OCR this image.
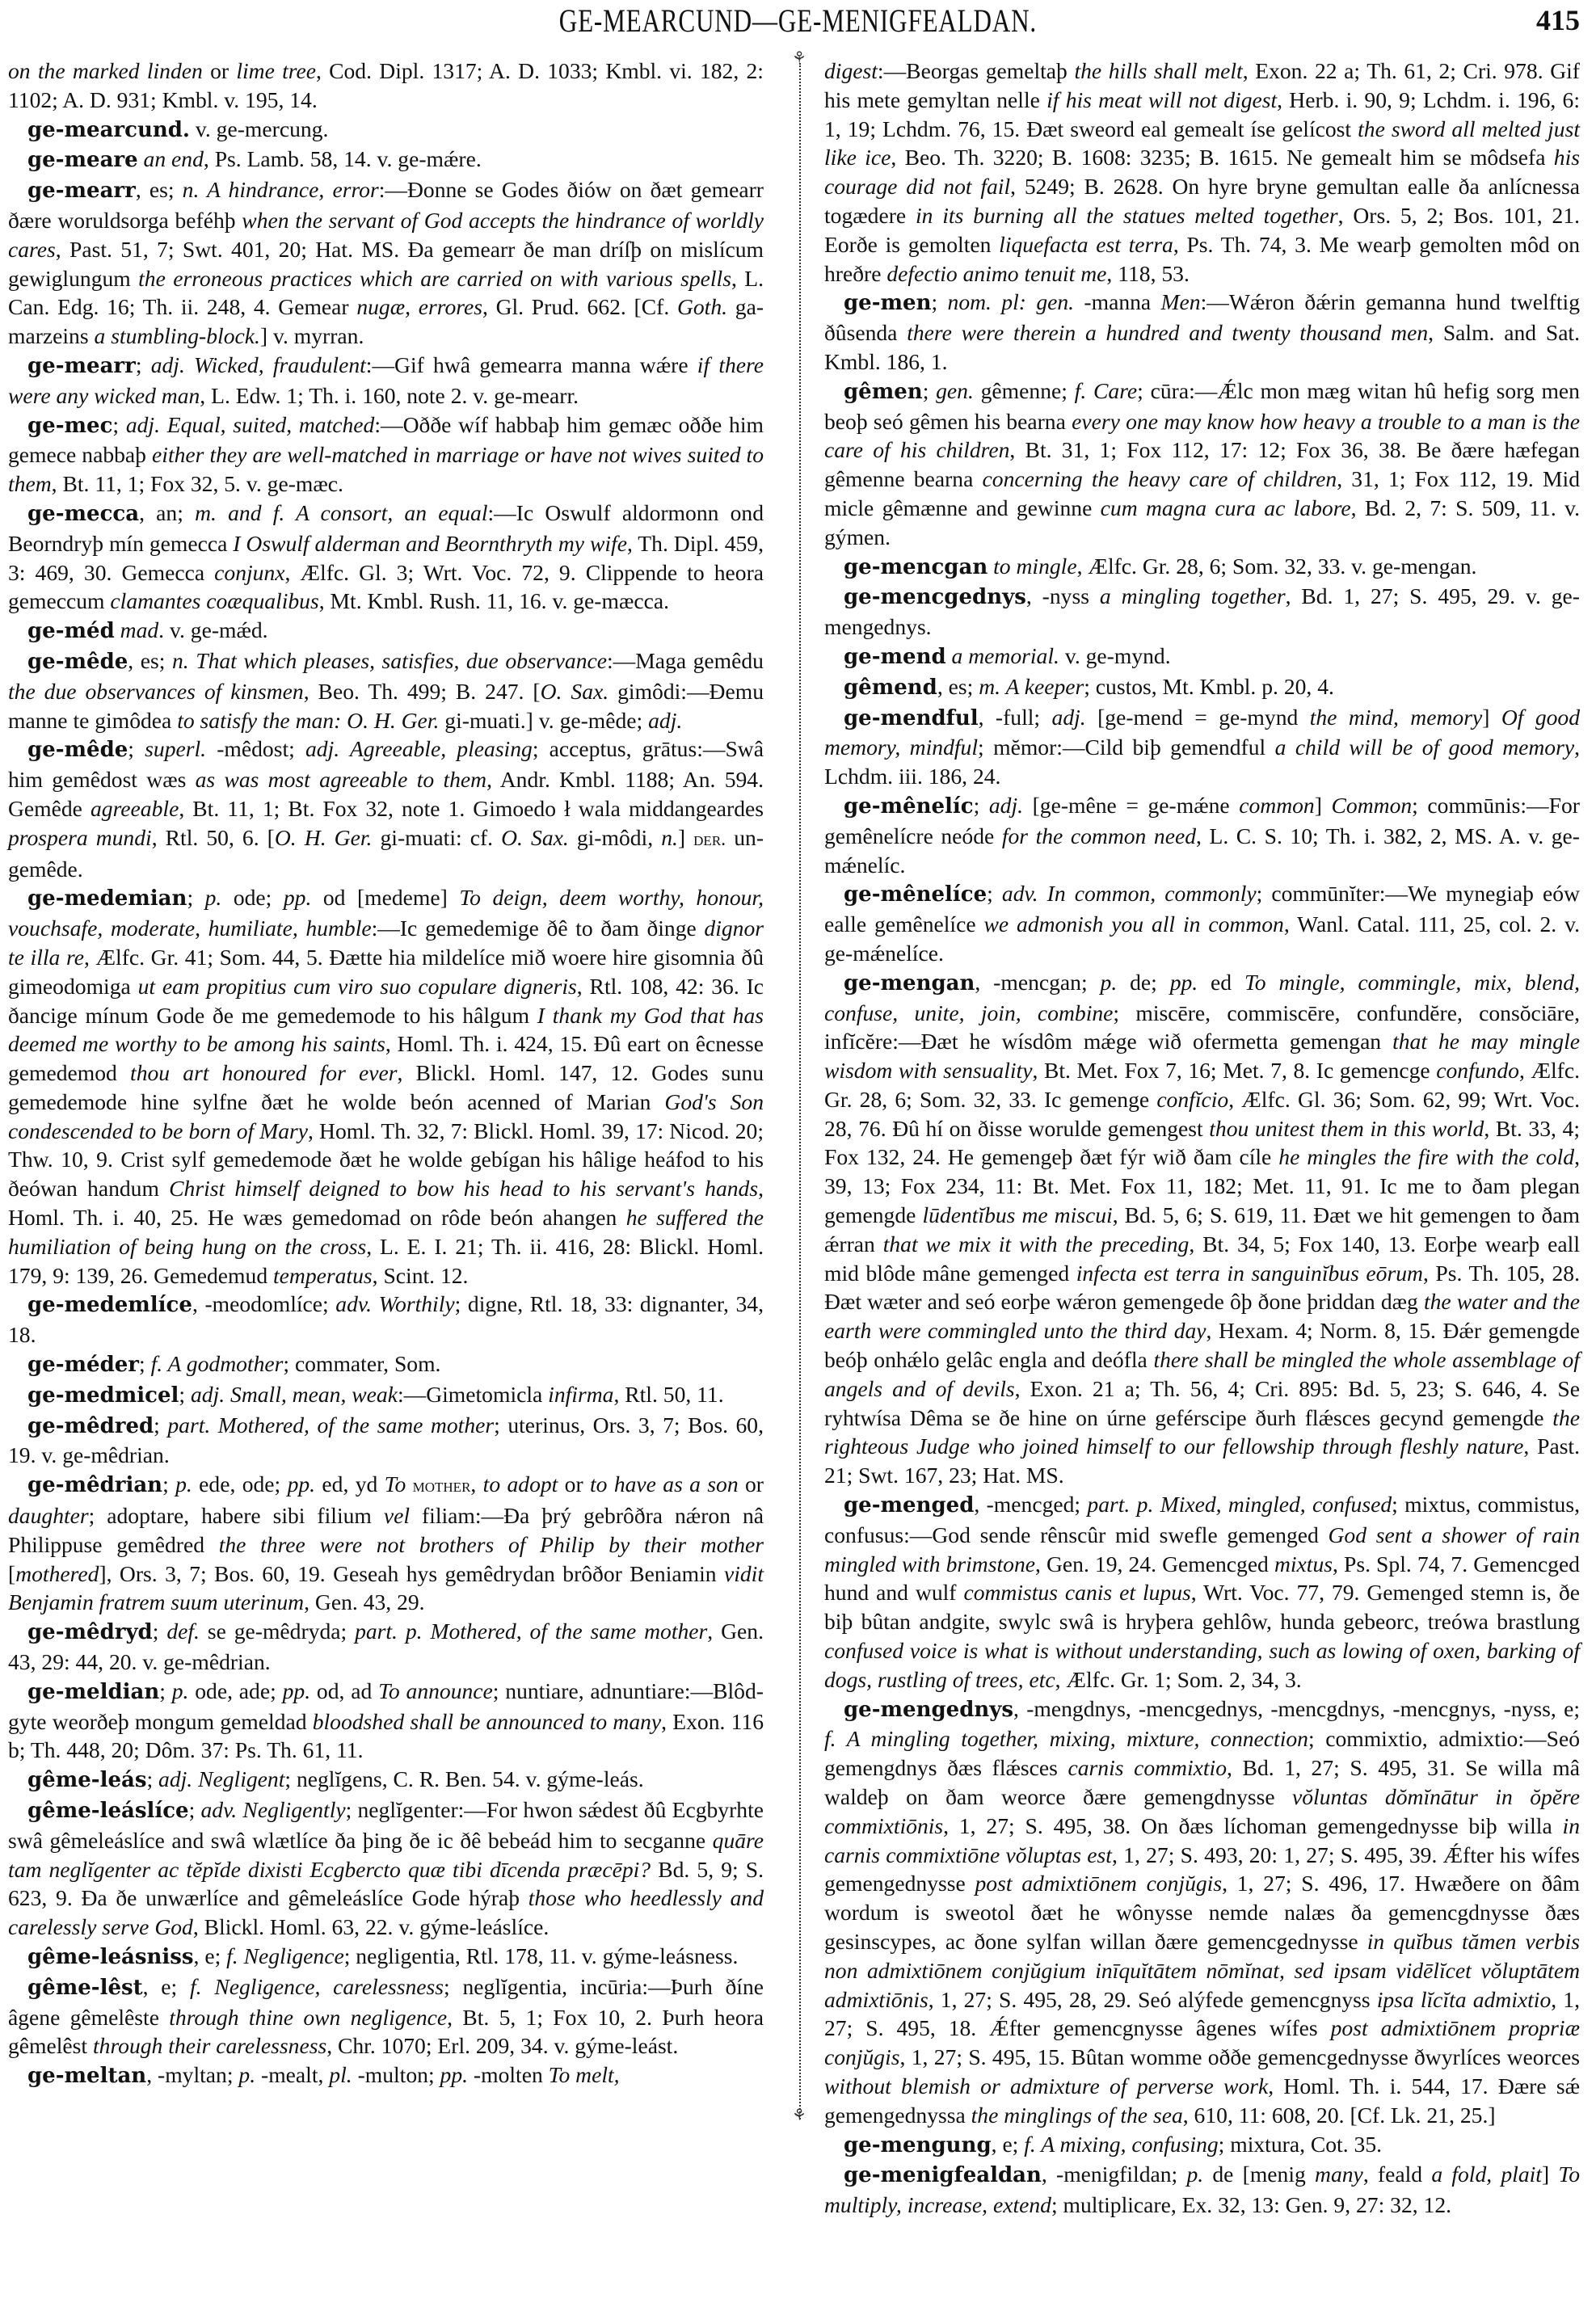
GE-MEARCUND—GE-MENIGFEALDAN.	415
⚘
⚘

on the marked linden or lime tree, Cod. Dipl. 1317; A. D. 1033; Kmbl. vi. 182, 2: 1102; A. D. 931; Kmbl. v. 195, 14.

ge-mearcund. v. ge-mercung.

ge-meare an end, Ps. Lamb. 58, 14. v. ge-mǽre.

ge-mearr, es; n. A hindrance, error:—Ðonne se Godes ðiów on ðæt gemearr ðære woruldsorga beféhþ when the servant of God accepts the hindrance of worldly cares, Past. 51, 7; Swt. 401, 20; Hat. MS. Ða gemearr ðe man dríſþ on mislícum gewiglungum the erroneous practices which are carried on with various spells, L. Can. Edg. 16; Th. ii. 248, 4. Gemear nugæ, errores, Gl. Prud. 662. [Cf. Goth. ga-marzeins a stumbling-block.] v. myrran.

ge-mearr; adj. Wicked, fraudulent:—Gif hwâ gemearra manna wǽre if there were any wicked man, L. Edw. 1; Th. i. 160, note 2. v. ge-mearr.

ge-mec; adj. Equal, suited, matched:—Oððe wíf habbaþ him gemæc oððe him gemece nabbaþ either they are well-matched in marriage or have not wives suited to them, Bt. 11, 1; Fox 32, 5. v. ge-mæc.

ge-mecca, an; m. and f. A consort, an equal:—Ic Oswulf aldormonn ond Beorndryþ mín gemecca I Oswulf alderman and Beornthryth my wife, Th. Dipl. 459, 3: 469, 30. Gemecca conjunx, Ælfc. Gl. 3; Wrt. Voc. 72, 9. Clippende to heora gemeccum clamantes coæqualibus, Mt. Kmbl. Rush. 11, 16. v. ge-mæcca.

ge-méd mad. v. ge-mǽd.

ge-mêde, es; n. That which pleases, satisfies, due observance:—Maga gemêdu the due observances of kinsmen, Beo. Th. 499; B. 247. [O. Sax. gimôdi:—Ðemu manne te gimôdea to satisfy the man: O. H. Ger. gi-muati.] v. ge-mêde; adj.

ge-mêde; superl. -mêdost; adj. Agreeable, pleasing; acceptus, grātus:—Swâ him gemêdost wæs as was most agreeable to them, Andr. Kmbl. 1188; An. 594. Gemêde agreeable, Bt. 11, 1; Bt. Fox 32, note 1. Gimoedo ł wala middangeardes prospera mundi, Rtl. 50, 6. [O. H. Ger. gi-muati: cf. O. Sax. gi-môdi, n.] der. un-gemêde.

ge-medemian; p. ode; pp. od [medeme] To deign, deem worthy, honour, vouchsafe, moderate, humiliate, humble:—Ic gemedemige ðê to ðam ðinge dignor te illa re, Ælfc. Gr. 41; Som. 44, 5. Ðætte hia mildelíce mið woere hire gisomnia ðû gimeodomiga ut eam propitius cum viro suo copulare digneris, Rtl. 108, 42: 36. Ic ðancige mínum Gode ðe me gemedemode to his hâlgum I thank my God that has deemed me worthy to be among his saints, Homl. Th. i. 424, 15. Ðû eart on êcnesse gemedemod thou art honoured for ever, Blickl. Homl. 147, 12. Godes sunu gemedemode hine sylfne ðæt he wolde beón acenned of Marian God's Son condescended to be born of Mary, Homl. Th. 32, 7: Blickl. Homl. 39, 17: Nicod. 20; Thw. 10, 9. Crist sylf gemedemode ðæt he wolde gebígan his hâlige heáfod to his ðeówan handum Christ himself deigned to bow his head to his servant's hands, Homl. Th. i. 40, 25. He wæs gemedomad on rôde beón ahangen he suffered the humiliation of being hung on the cross, L. E. I. 21; Th. ii. 416, 28: Blickl. Homl. 179, 9: 139, 26. Gemedemud temperatus, Scint. 12.

ge-medemlíce, -meodomlíce; adv. Worthily; digne, Rtl. 18, 33: dignanter, 34, 18.

ge-méder; f. A godmother; commater, Som.

ge-medmicel; adj. Small, mean, weak:—Gimetomicla infirma, Rtl. 50, 11.

ge-mêdred; part. Mothered, of the same mother; uterinus, Ors. 3, 7; Bos. 60, 19. v. ge-mêdrian.

ge-mêdrian; p. ede, ode; pp. ed, yd To mother, to adopt or to have as a son or daughter; adoptare, habere sibi filium vel filiam:—Ða þrý gebrôðra nǽron nâ Philippuse gemêdred the three were not brothers of Philip by their mother [mothered], Ors. 3, 7; Bos. 60, 19. Geseah hys gemêdrydan brôðor Beniamin vidit Benjamin fratrem suum uterinum, Gen. 43, 29.

ge-mêdryd; def. se ge-mêdryda; part. p. Mothered, of the same mother, Gen. 43, 29: 44, 20. v. ge-mêdrian.

ge-meldian; p. ode, ade; pp. od, ad To announce; nuntiare, adnuntiare:—Blôd-gyte weorðeþ mongum gemeldad bloodshed shall be announced to many, Exon. 116 b; Th. 448, 20; Dôm. 37: Ps. Th. 61, 11.

gême-leás; adj. Negligent; neglĭgens, C. R. Ben. 54. v. gýme-leás.

gême-leáslíce; adv. Negligently; neglĭgenter:—For hwon sǽdest ðû Ecgbyrhte swâ gêmeleáslíce and swâ wlætlíce ða þing ðe ic ðê bebeád him to secganne quāre tam neglĭgenter ac tĕpĭde dixisti Ecgbercto quæ tibi dīcenda præcēpi? Bd. 5, 9; S. 623, 9. Ða ðe unwærlíce and gêmeleáslíce Gode hýraþ those who heedlessly and carelessly serve God, Blickl. Homl. 63, 22. v. gýme-leáslíce.

gême-leásniss, e; f. Negligence; negligentia, Rtl. 178, 11. v. gýme-leásness.

gême-lêst, e; f. Negligence, carelessness; neglĭgentia, incūria:—Þurh ðíne âgene gêmelêste through thine own negligence, Bt. 5, 1; Fox 10, 2. Þurh heora gêmelêst through their carelessness, Chr. 1070; Erl. 209, 34. v. gýme-leást.

ge-meltan, -myltan; p. -mealt, pl. -multon; pp. -molten To melt,

digest:—Beorgas gemeltaþ the hills shall melt, Exon. 22 a; Th. 61, 2; Cri. 978. Gif his mete gemyltan nelle if his meat will not digest, Herb. i. 90, 9; Lchdm. i. 196, 6: 1, 19; Lchdm. 76, 15. Ðæt sweord eal gemealt íse gelícost the sword all melted just like ice, Beo. Th. 3220; B. 1608: 3235; B. 1615. Ne gemealt him se môdsefa his courage did not fail, 5249; B. 2628. On hyre bryne gemultan ealle ða anlícnessa togædere in its burning all the statues melted together, Ors. 5, 2; Bos. 101, 21. Eorðe is gemolten liquefacta est terra, Ps. Th. 74, 3. Me wearþ gemolten môd on hreðre defectio animo tenuit me, 118, 53.

ge-men; nom. pl: gen. -manna Men:—Wǽron ðǽrin gemanna hund twelftig ðûsenda there were therein a hundred and twenty thousand men, Salm. and Sat. Kmbl. 186, 1.

gêmen; gen. gêmenne; f. Care; cūra:—Ǽlc mon mæg witan hû hefig sorg men beoþ seó gêmen his bearna every one may know how heavy a trouble to a man is the care of his children, Bt. 31, 1; Fox 112, 17: 12; Fox 36, 38. Be ðære hæfegan gêmenne bearna concerning the heavy care of children, 31, 1; Fox 112, 19. Mid micle gêmænne and gewinne cum magna cura ac labore, Bd. 2, 7: S. 509, 11. v. gýmen.

ge-mencgan to mingle, Ælfc. Gr. 28, 6; Som. 32, 33. v. ge-mengan.

ge-mencgednys, -nyss a mingling together, Bd. 1, 27; S. 495, 29. v. ge-mengednys.

ge-mend a memorial. v. ge-mynd.

gêmend, es; m. A keeper; custos, Mt. Kmbl. p. 20, 4.

ge-mendful, -full; adj. [ge-mend = ge-mynd the mind, memory] Of good memory, mindful; mĕmor:—Cild biþ gemendful a child will be of good memory, Lchdm. iii. 186, 24.

ge-mênelíc; adj. [ge-mêne = ge-mǽne common] Common; commūnis:—For gemênelícre neóde for the common need, L. C. S. 10; Th. i. 382, 2, MS. A. v. ge-mǽnelíc.

ge-mênelíce; adv. In common, commonly; commūnĭter:—We mynegiaþ eów ealle gemênelíce we admonish you all in common, Wanl. Catal. 111, 25, col. 2. v. ge-mǽnelíce.

ge-mengan, -mencgan; p. de; pp. ed To mingle, commingle, mix, blend, confuse, unite, join, combine; miscēre, commiscēre, confundĕre, consŏciāre, infĭcĕre:—Ðæt he wísdôm mǽge wið ofermetta gemengan that he may mingle wisdom with sensuality, Bt. Met. Fox 7, 16; Met. 7, 8. Ic gemencge confundo, Ælfc. Gr. 28, 6; Som. 32, 33. Ic gemenge confĭcio, Ælfc. Gl. 36; Som. 62, 99; Wrt. Voc. 28, 76. Ðû hí on ðisse worulde gemengest thou unitest them in this world, Bt. 33, 4; Fox 132, 24. He gemengeþ ðæt fýr wið ðam cíle he mingles the fire with the cold, 39, 13; Fox 234, 11: Bt. Met. Fox 11, 182; Met. 11, 91. Ic me to ðam plegan gemengde lūdentĭbus me miscui, Bd. 5, 6; S. 619, 11. Ðæt we hit gemengen to ðam ǽrran that we mix it with the preceding, Bt. 34, 5; Fox 140, 13. Eorþe wearþ eall mid blôde mâne gemenged infecta est terra in sanguinĭbus eōrum, Ps. Th. 105, 28. Ðæt wæter and seó eorþe wǽron gemengede ôþ ðone þriddan dæg the water and the earth were commingled unto the third day, Hexam. 4; Norm. 8, 15. Ðǽr gemengde beóþ onhǽlo gelâc engla and deófla there shall be mingled the whole assemblage of angels and of devils, Exon. 21 a; Th. 56, 4; Cri. 895: Bd. 5, 23; S. 646, 4. Se ryhtwísa Dêma se ðe hine on úrne geférscipe ðurh flǽsces gecynd gemengde the righteous Judge who joined himself to our fellowship through fleshly nature, Past. 21; Swt. 167, 23; Hat. MS.

ge-menged, -mencged; part. p. Mixed, mingled, confused; mixtus, commistus, confusus:—God sende rênscûr mid swefle gemenged God sent a shower of rain mingled with brimstone, Gen. 19, 24. Gemencged mixtus, Ps. Spl. 74, 7. Gemencged hund and wulf commistus canis et lupus, Wrt. Voc. 77, 79. Gemenged stemn is, ðe biþ bûtan andgite, swylc swâ is hryþera gehlôw, hunda gebeorc, treówa brastlung confused voice is what is without understanding, such as lowing of oxen, barking of dogs, rustling of trees, etc, Ælfc. Gr. 1; Som. 2, 34, 3.

ge-mengednys, -mengdnys, -mencgednys, -mencgdnys, -mencgnys, -nyss, e; f. A mingling together, mixing, mixture, connection; commixtio, admixtio:—Seó gemengdnys ðæs flǽsces carnis commixtio, Bd. 1, 27; S. 495, 31. Se willa mâ waldeþ on ðam weorce ðære gemengdnysse vŏluntas dŏmĭnātur in ŏpĕre commixtiōnis, 1, 27; S. 495, 38. On ðæs líchoman gemengednysse biþ willa in carnis commixtiōne vŏluptas est, 1, 27; S. 493, 20: 1, 27; S. 495, 39. Ǽfter his wífes gemengednysse post admixtiōnem conjŭgis, 1, 27; S. 496, 17. Hwæðere on ðâm wordum is sweotol ðæt he wônysse nemde nalæs ða gemencgdnysse ðæs gesinscypes, ac ðone sylfan willan ðære gemencgednysse in quĭbus tămen verbis non admixtiōnem conjŭgium inīquĭtātem nōmĭnat, sed ipsam vidēlĭcet vŏluptātem admixtiōnis, 1, 27; S. 495, 28, 29. Seó alýfede gemencgnyss ipsa lĭcĭta admixtio, 1, 27; S. 495, 18. Ǽfter gemencgnysse âgenes wífes post admixtiōnem propriæ conjŭgis, 1, 27; S. 495, 15. Bûtan womme oððe gemencgednysse ðwyrlíces weorces without blemish or admixture of perverse work, Homl. Th. i. 544, 17. Ðære sǽ gemengednyssa the minglings of the sea, 610, 11: 608, 20. [Cf. Lk. 21, 25.]

ge-mengung, e; f. A mixing, confusing; mixtura, Cot. 35.

ge-menigfealdan, -menigfildan; p. de [menig many, feald a fold, plait] To multiply, increase, extend; multiplicare, Ex. 32, 13: Gen. 9, 27: 32, 12.
